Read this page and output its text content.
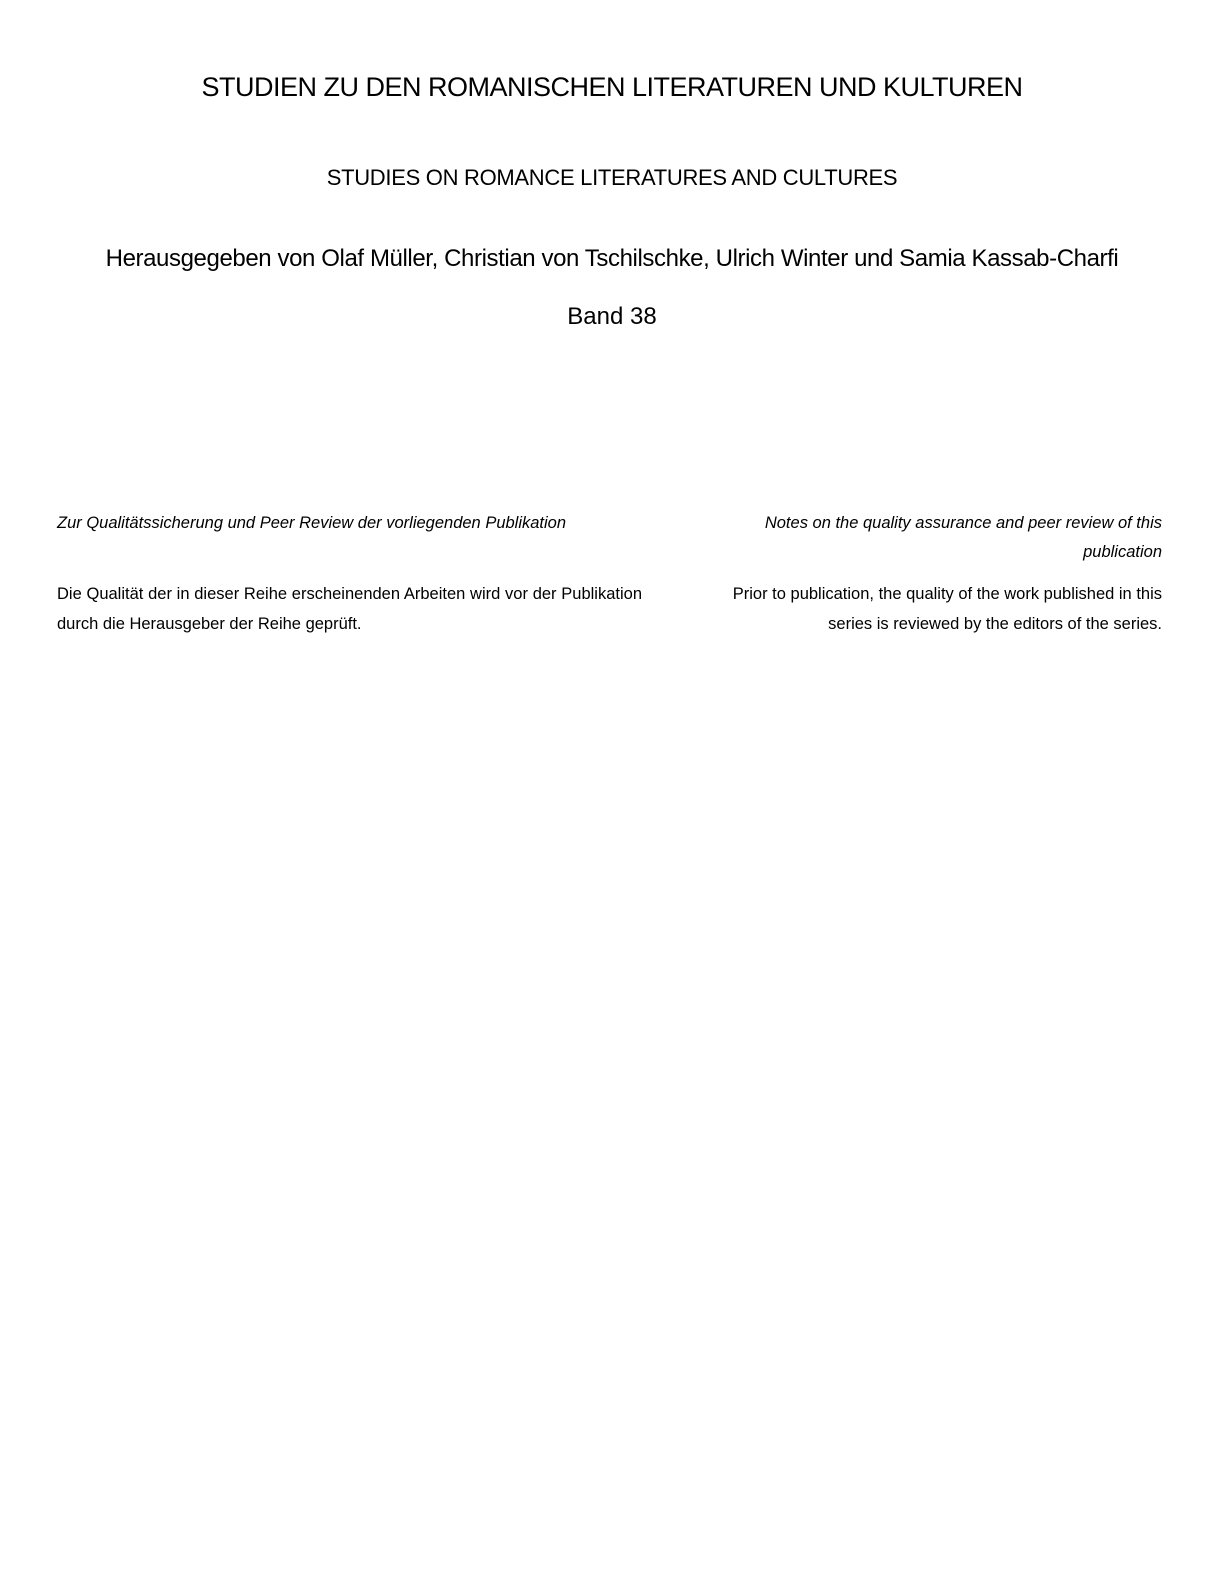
STUDIEN ZU DEN ROMANISCHEN LITERATUREN UND KULTUREN
STUDIES ON ROMANCE LITERATURES AND CULTURES
Herausgegeben von Olaf Müller, Christian von Tschilschke, Ulrich Winter und Samia Kassab-Charfi
Band 38
Zur Qualitätssicherung und Peer Review der vorliegenden Publikation
Die Qualität der in dieser Reihe erscheinenden Arbeiten wird vor der Publikation durch die Herausgeber der Reihe geprüft.
Notes on the quality assurance and peer review of this publication
Prior to publication, the quality of the work published in this series is reviewed by the editors of the series.
